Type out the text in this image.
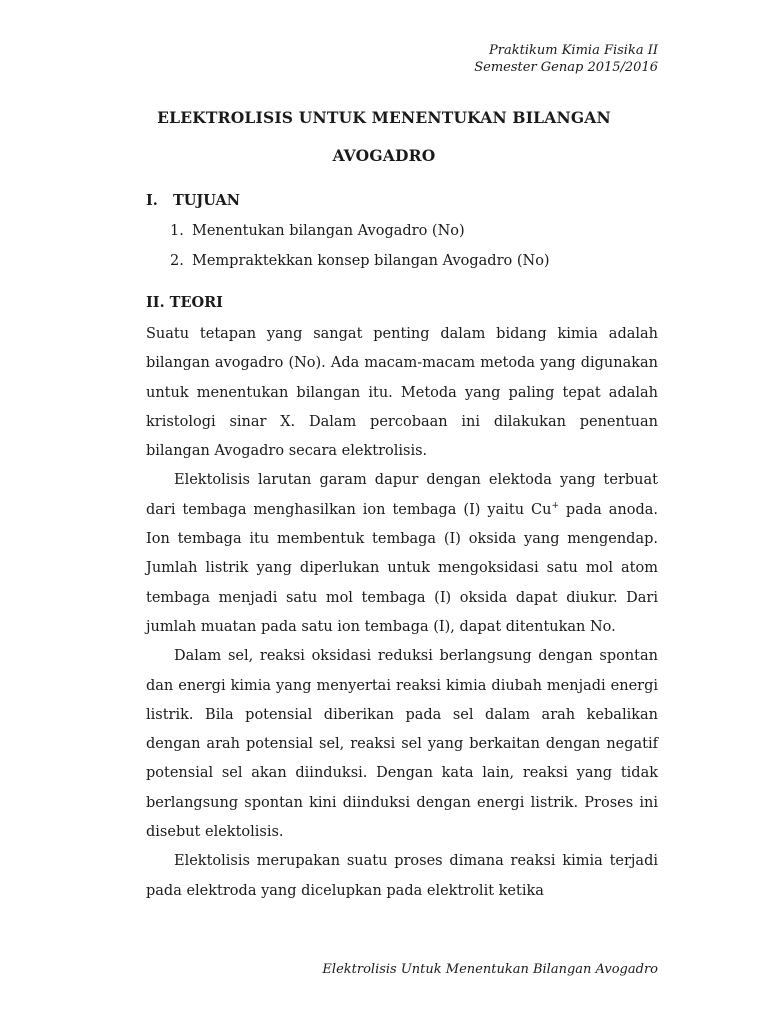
Praktikum Kimia Fisika II
Semester Genap 2015/2016
ELEKTROLISIS UNTUK MENENTUKAN BILANGAN
AVOGADRO
I.   TUJUAN
1. Menentukan bilangan Avogadro (No)
2. Mempraktekkan konsep bilangan Avogadro (No)
II. TEORI

Suatu tetapan yang sangat penting dalam bidang kimia adalah bilangan avogadro (No). Ada macam-macam metoda yang digunakan untuk menentukan bilangan itu. Metoda yang paling tepat adalah kristologi sinar X. Dalam percobaan ini dilakukan penentuan bilangan Avogadro secara elektrolisis.

Elektolisis larutan garam dapur dengan elektoda yang terbuat dari tembaga menghasilkan ion tembaga (I) yaitu Cu+ pada anoda. Ion tembaga itu membentuk tembaga (I) oksida yang mengendap. Jumlah listrik yang diperlukan untuk mengoksidasi satu mol atom tembaga menjadi satu mol tembaga (I) oksida dapat diukur. Dari jumlah muatan pada satu ion tembaga (I), dapat ditentukan No.

Dalam sel, reaksi oksidasi reduksi berlangsung dengan spontan dan energi kimia yang menyertai reaksi kimia diubah menjadi energi listrik. Bila potensial diberikan pada sel dalam arah kebalikan dengan arah potensial sel, reaksi sel yang berkaitan dengan negatif potensial sel akan diinduksi. Dengan kata lain, reaksi yang tidak berlangsung spontan kini diinduksi dengan energi listrik. Proses ini disebut elektolisis.

Elektolisis merupakan suatu proses dimana reaksi kimia terjadi pada elektroda yang dicelupkan pada elektrolit ketika

Elektrolisis Untuk Menentukan Bilangan Avogadro
